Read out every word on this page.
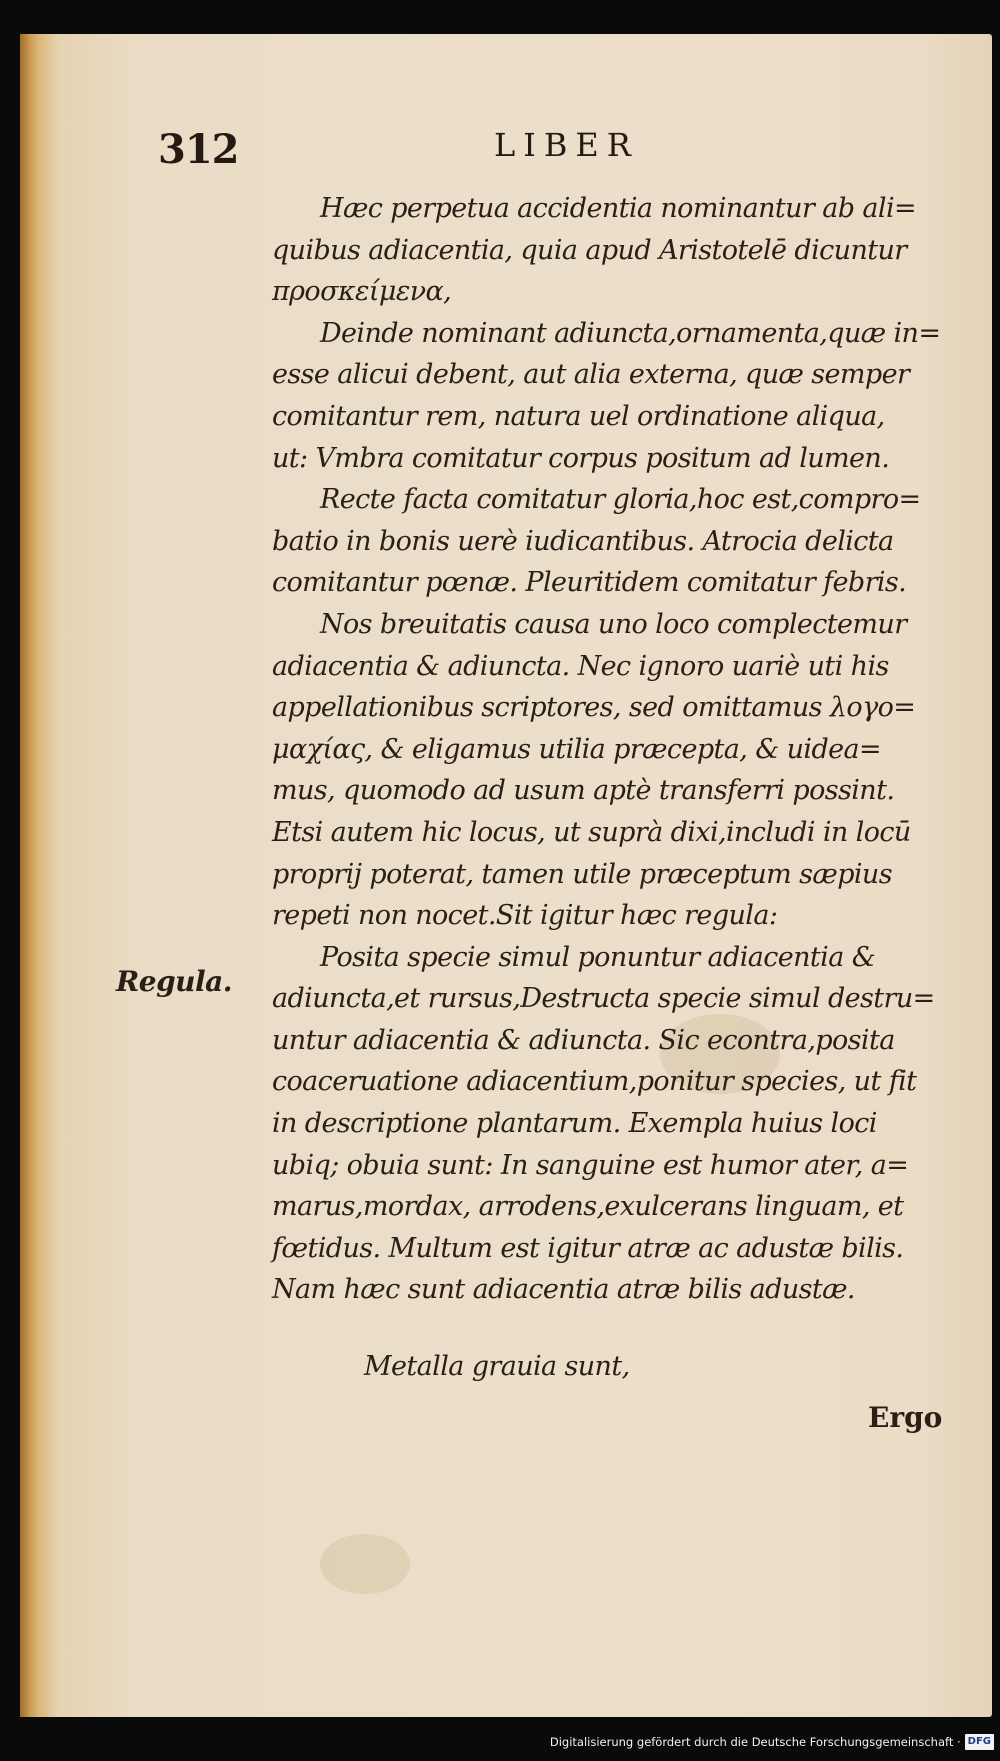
312	LIBER
Hæc perpetua accidentia nominantur ab ali=
quibus adiacentia, quia apud Aristotelē dicuntur
προσκείμενα,
Deinde nominant adiuncta,ornamenta,quæ in=
esse alicui debent, aut alia externa, quæ semper
comitantur rem, natura uel ordinatione aliqua,
ut: Vmbra comitatur corpus positum ad lumen.
Recte facta comitatur gloria,hoc est,compro=
batio in bonis uerè iudicantibus. Atrocia delicta
comitantur pœnæ. Pleuritidem comitatur febris.
Nos breuitatis causa uno loco complectemur
adiacentia & adiuncta. Nec ignoro uariè uti his
appellationibus scriptores, sed omittamus λογο=
μαχίας, & eligamus utilia præcepta, & uidea=
mus, quomodo ad usum aptè transferri possint.
Etsi autem hic locus, ut suprà dixi,includi in locū
proprij poterat, tamen utile præceptum sæpius
repeti non nocet.Sit igitur hæc regula:
Posita specie simul ponuntur adiacentia &
adiuncta,et rursus,Destructa specie simul destru=
untur adiacentia & adiuncta. Sic econtra,posita
coaceruatione adiacentium,ponitur species, ut fit
in descriptione plantarum. Exempla huius loci
ubiq; obuia sunt: In sanguine est humor ater, a=
marus,mordax, arrodens,exulcerans linguam, et
fœtidus. Multum est igitur atræ ac adustæ bilis.
Nam hæc sunt adiacentia atræ bilis adustæ.
Regula.
Metalla grauia sunt,
Ergo
Digitalisierung gefördert durch die Deutsche Forschungsgemeinschaft · DFG
